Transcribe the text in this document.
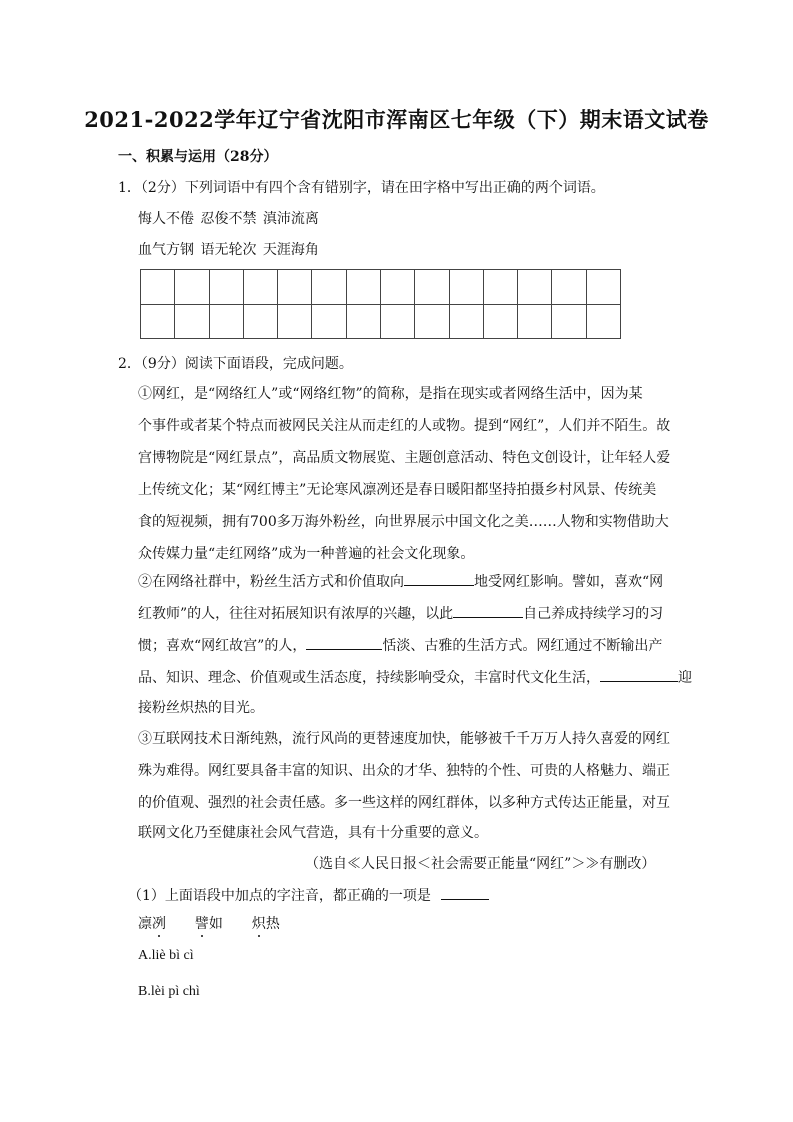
2021-2022学年辽宁省沈阳市浑南区七年级（下）期末语文试卷
一、积累与运用（28分）
1．（2分）下列词语中有四个含有错别字，请在田字格中写出正确的两个词语。
悔人不倦 忍俊不禁 滇沛流离
血气方钢 语无轮次 天涯海角
2．（9分）阅读下面语段，完成问题。
①网红，是“网络红人”或“网络红物”的简称，是指在现实或者网络生活中，因为某
个事件或者某个特点而被网民关注从而走红的人或物。提到“网红”，人们并不陌生。故
宫博物院是“网红景点”，高品质文物展览、主题创意活动、特色文创设计，让年轻人爱
上传统文化；某“网红博主”无论寒风凛冽还是春日暖阳都坚持拍摄乡村风景、传统美
食的短视频，拥有700多万海外粉丝，向世界展示中国文化之美……人物和实物借助大
众传媒力量“走红网络”成为一种普遍的社会文化现象。
②在网络社群中，粉丝生活方式和价值取向	地受网红影响。譬如，喜欢“网
红教师”的人，往往对拓展知识有浓厚的兴趣，以此	自己养成持续学习的习
惯；喜欢“网红故宫”的人，	恬淡、古雅的生活方式。网红通过不断输出产
品、知识、理念、价值观或生活态度，持续影响受众，丰富时代文化生活，	迎
接粉丝炽热的目光。
③互联网技术日渐纯熟，流行风尚的更替速度加快，能够被千千万万人持久喜爱的网红
殊为难得。网红要具备丰富的知识、出众的才华、独特的个性、可贵的人格魅力、端正
的价值观、强烈的社会责任感。多一些这样的网红群体，以多种方式传达正能量，对互
联网文化乃至健康社会风气营造，具有十分重要的意义。
（选自≪人民日报＜社会需要正能量“网红”＞≫有删改）
（1）上面语段中加点的字注音，都正确的一项是
凛冽 譬如 炽热
A.liè bì cì
B.lèi pì chì
